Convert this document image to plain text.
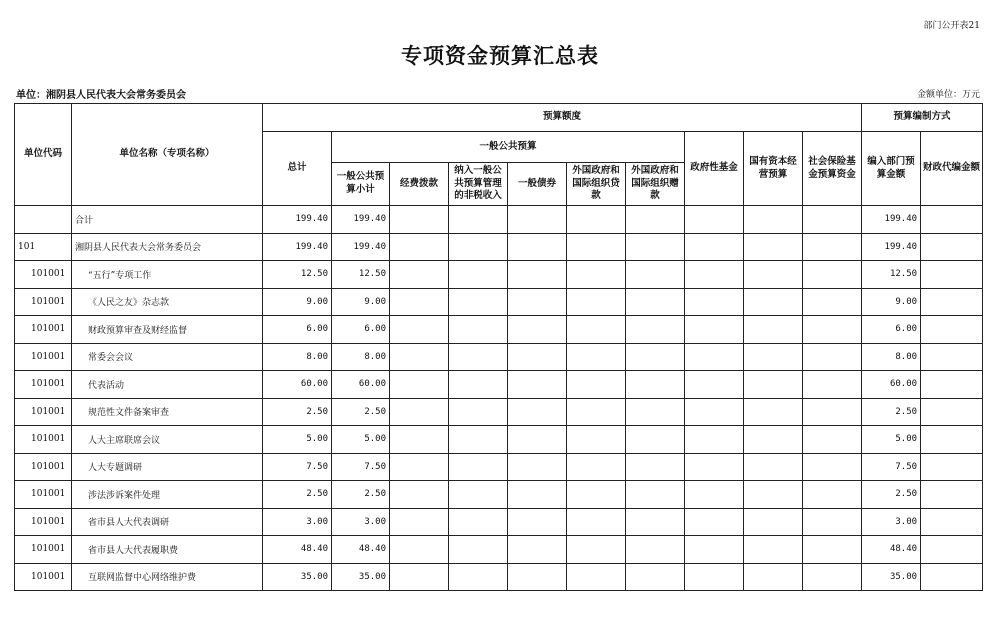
部门公开表21
专项资金预算汇总表
单位：湘阴县人民代表大会常务委员会	金额单位：万元
单位代码	单位名称（专项名称）	预算额度										预算编制方式	
		总计	一般公共预算						政府性基金	国有资本经营预算	社会保险基金预算资金	编入部门预算金额	财政代编金额
			一般公共预算小计	经费拨款	纳入一般公共预算管理的非税收入	一般债券	外国政府和国际组织贷款	外国政府和国际组织赠款					
	合计	199.40	199.40									199.40	
101	湘阴县人民代表大会常务委员会	199.40	199.40									199.40	
101001	“五行”专项工作	12.50	12.50									12.50	
101001	《人民之友》杂志款	9.00	9.00									9.00	
101001	财政预算审查及财经监督	6.00	6.00									6.00	
101001	常委会会议	8.00	8.00									8.00	
101001	代表活动	60.00	60.00									60.00	
101001	规范性文件备案审查	2.50	2.50									2.50	
101001	人大主席联席会议	5.00	5.00									5.00	
101001	人大专题调研	7.50	7.50									7.50	
101001	涉法涉诉案件处理	2.50	2.50									2.50	
101001	省市县人大代表调研	3.00	3.00									3.00	
101001	省市县人大代表履职费	48.40	48.40									48.40	
101001	互联网监督中心网络维护费	35.00	35.00									35.00	
